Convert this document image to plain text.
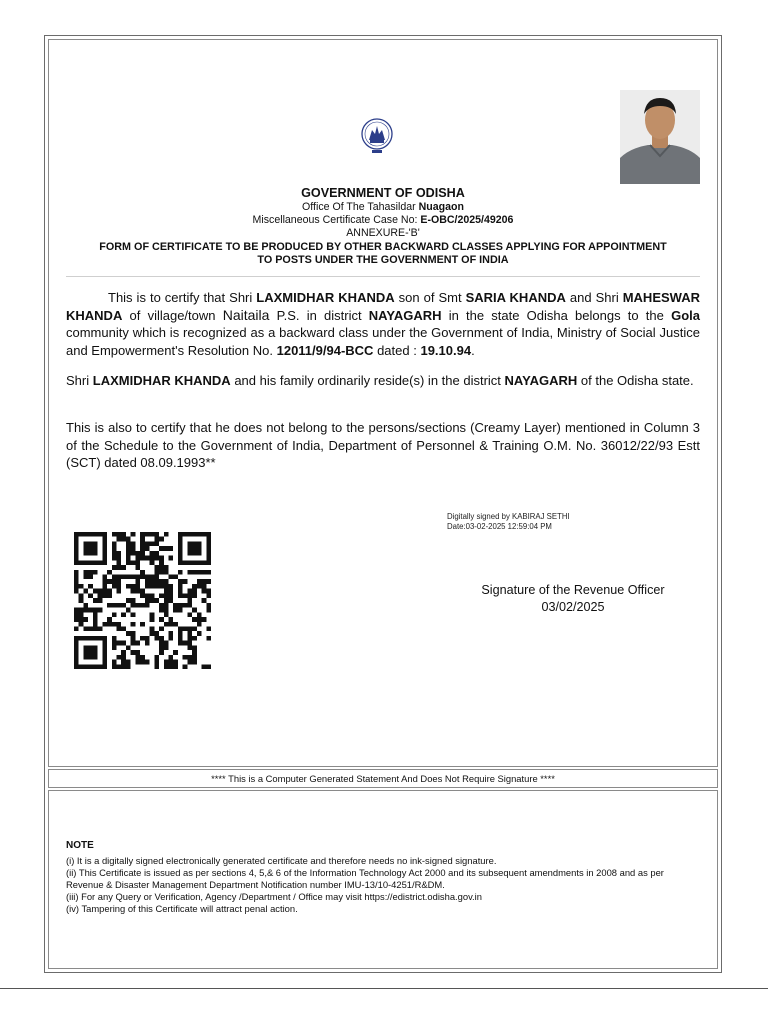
GOVERNMENT OF ODISHA
Office Of The Tahasildar Nuagaon
Miscellaneous Certificate Case No: E-OBC/2025/49206
ANNEXURE-'B'
FORM OF CERTIFICATE TO BE PRODUCED BY OTHER BACKWARD CLASSES APPLYING FOR APPOINTMENT
TO POSTS UNDER THE GOVERNMENT OF INDIA
This is to certify that Shri LAXMIDHAR KHANDA son of Smt SARIA KHANDA and Shri MAHESWAR KHANDA of village/town Naitaila P.S. in district NAYAGARH in the state Odisha belongs to the Gola community which is recognized as a backward class under the Government of India, Ministry of Social Justice and Empowerment's Resolution No. 12011/9/94-BCC dated : 19.10.94.
Shri LAXMIDHAR KHANDA and his family ordinarily reside(s) in the district NAYAGARH of the Odisha state.
This is also to certify that he does not belong to the persons/sections (Creamy Layer) mentioned in Column 3 of the Schedule to the Government of India, Department of Personnel & Training O.M. No. 36012/22/93 Estt (SCT) dated 08.09.1993**
Digitally signed by KABIRAJ SETHI
Date:03-02-2025 12:59:04 PM
Signature of the Revenue Officer
03/02/2025
**** This is a Computer Generated Statement And Does Not Require Signature ****
NOTE
(i) It is a digitally signed electronically generated certificate and therefore needs no ink-signed signature.
(ii) This Certificate is issued as per sections 4, 5,& 6 of the Information Technology Act 2000 and its subsequent amendments in 2008 and as per Revenue & Disaster Management Department Notification number IMU-13/10-4251/R&DM.
(iii) For any Query or Verification, Agency /Department / Office may visit https://edistrict.odisha.gov.in
(iv) Tampering of this Certificate will attract penal action.
